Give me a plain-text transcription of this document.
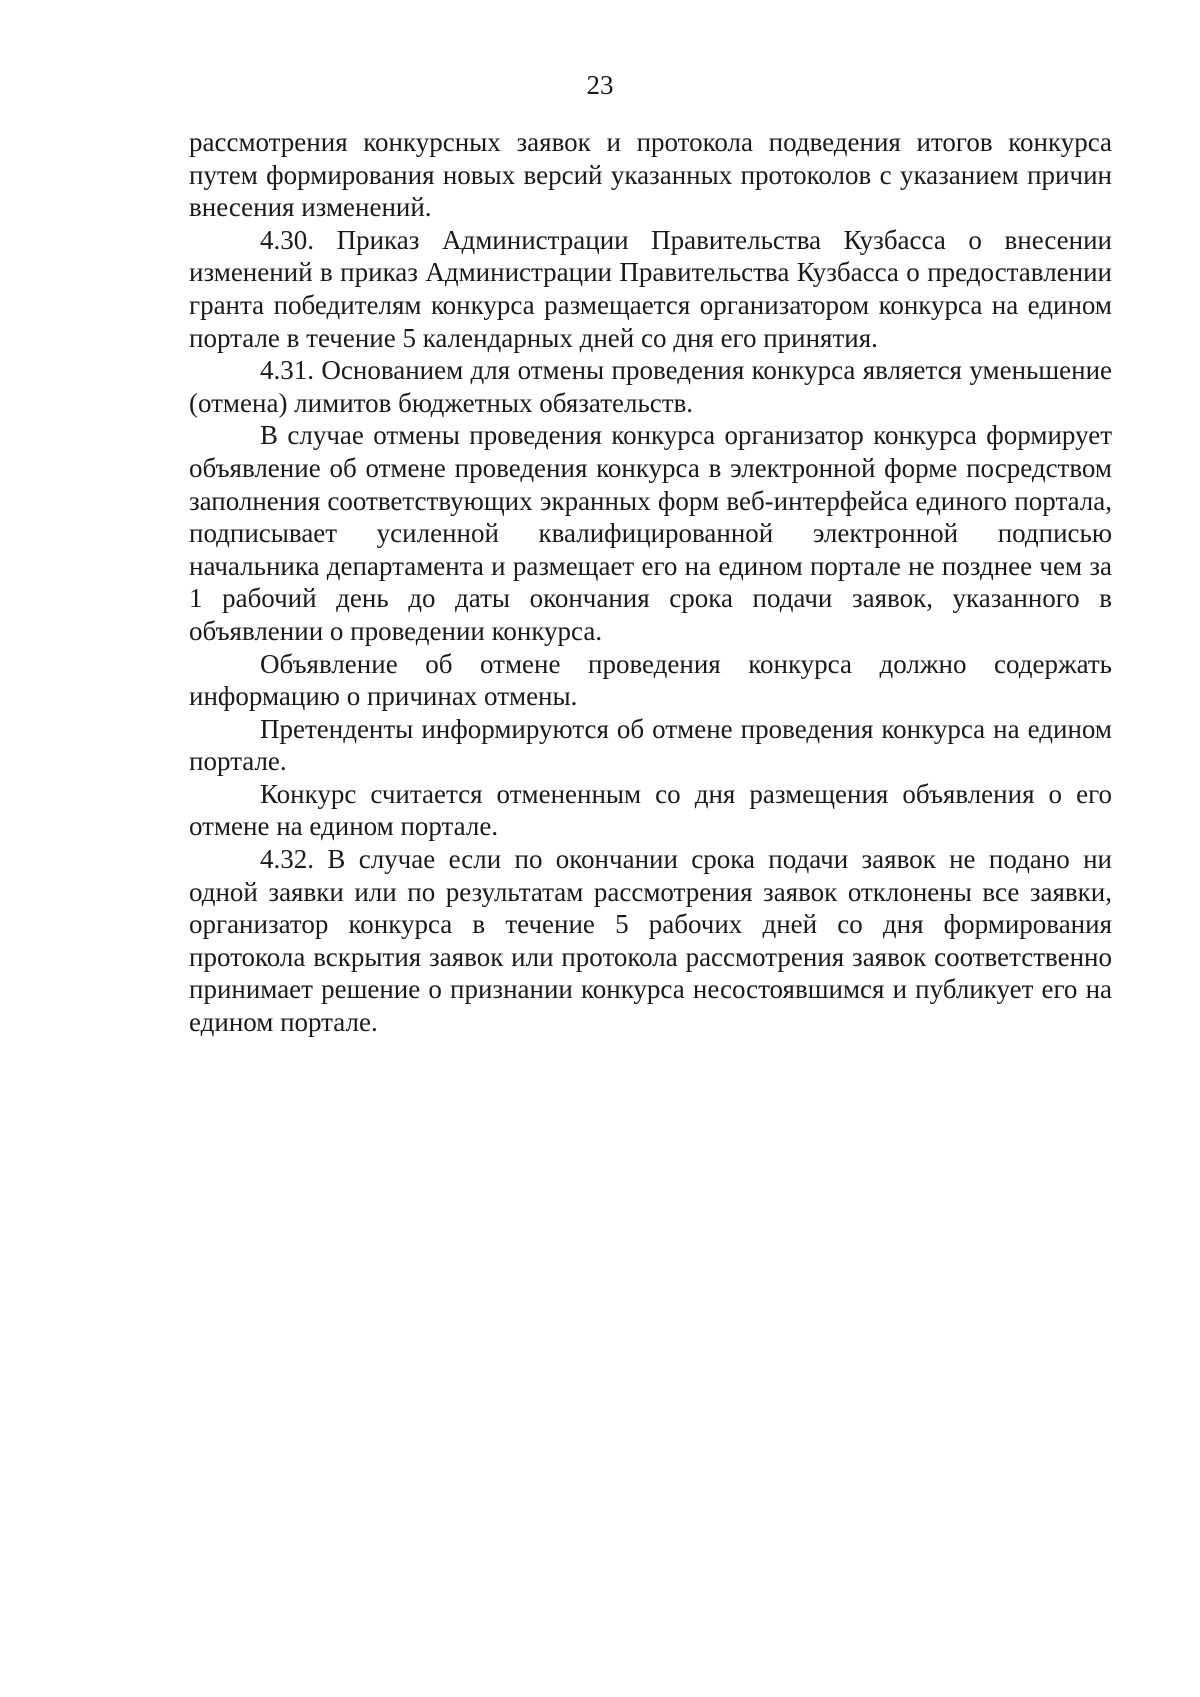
23

рассмотрения конкурсных заявок и протокола подведения итогов конкурса путем формирования новых версий указанных протоколов с указанием причин внесения изменений.

4.30. Приказ Администрации Правительства Кузбасса о внесении изменений в приказ Администрации Правительства Кузбасса о предоставлении гранта победителям конкурса размещается организатором конкурса на едином портале в течение 5 календарных дней со дня его принятия.

4.31. Основанием для отмены проведения конкурса является уменьшение (отмена) лимитов бюджетных обязательств.

В случае отмены проведения конкурса организатор конкурса формирует объявление об отмене проведения конкурса в электронной форме посредством заполнения соответствующих экранных форм веб-интерфейса единого портала, подписывает усиленной квалифицированной электронной подписью начальника департамента и размещает его на едином портале не позднее чем за 1 рабочий день до даты окончания срока подачи заявок, указанного в объявлении о проведении конкурса.

Объявление об отмене проведения конкурса должно содержать информацию о причинах отмены.

Претенденты информируются об отмене проведения конкурса на едином портале.

Конкурс считается отмененным со дня размещения объявления о его отмене на едином портале.

4.32. В случае если по окончании срока подачи заявок не подано ни одной заявки или по результатам рассмотрения заявок отклонены все заявки, организатор конкурса в течение 5 рабочих дней со дня формирования протокола вскрытия заявок или протокола рассмотрения заявок соответственно принимает решение о признании конкурса несостоявшимся и публикует его на едином портале.
